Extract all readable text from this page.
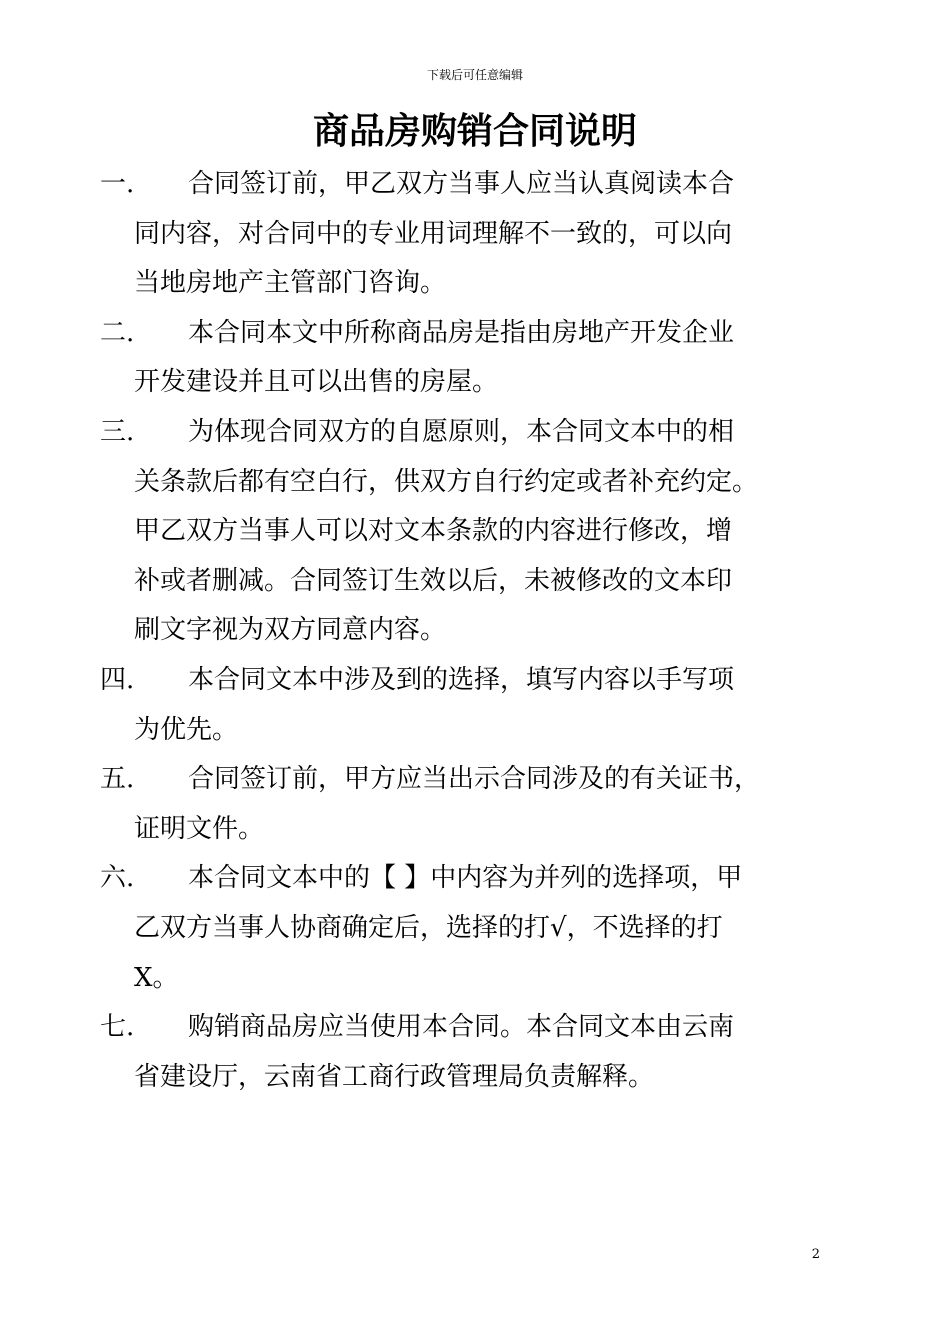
下载后可任意编辑
商品房购销合同说明
一.	合同签订前，甲乙双方当事人应当认真阅读本合
同内容，对合同中的专业用词理解不一致的，可以向
当地房地产主管部门咨询。
二.	本合同本文中所称商品房是指由房地产开发企业
开发建设并且可以出售的房屋。
三.	为体现合同双方的自愿原则，本合同文本中的相
关条款后都有空白行，供双方自行约定或者补充约定。
甲乙双方当事人可以对文本条款的内容进行修改，增
补或者删减。合同签订生效以后，未被修改的文本印
刷文字视为双方同意内容。
四.	本合同文本中涉及到的选择，填写内容以手写项
为优先。
五.	合同签订前，甲方应当出示合同涉及的有关证书，
证明文件。
六.	本合同文本中的【 】中内容为并列的选择项，甲
乙双方当事人协商确定后，选择的打√，不选择的打
X。
七.	购销商品房应当使用本合同。本合同文本由云南
省建设厅，云南省工商行政管理局负责解释。
2
